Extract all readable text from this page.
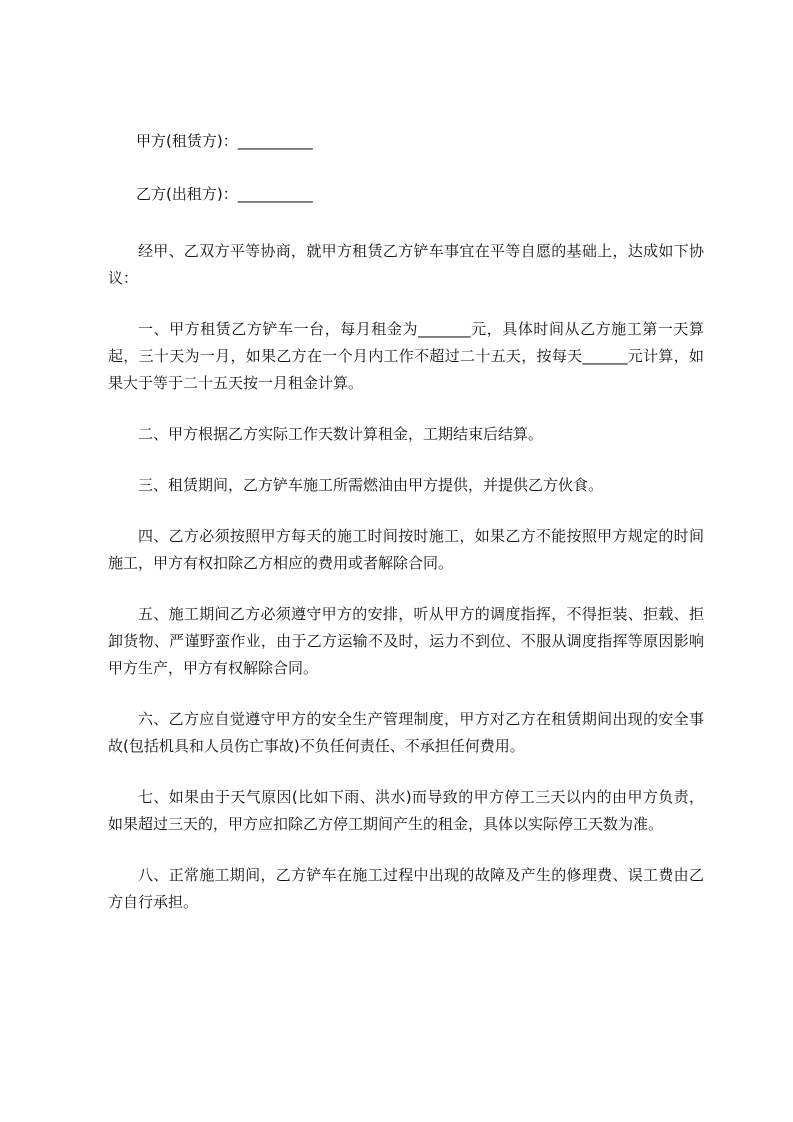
甲方(租赁方)：__________

乙方(出租方)：__________

经甲、乙双方平等协商，就甲方租赁乙方铲车事宜在平等自愿的基础上，达成如下协议：

一、甲方租赁乙方铲车一台，每月租金为_______元，具体时间从乙方施工第一天算起，三十天为一月，如果乙方在一个月内工作不超过二十五天，按每天______元计算，如果大于等于二十五天按一月租金计算。

二、甲方根据乙方实际工作天数计算租金，工期结束后结算。

三、租赁期间，乙方铲车施工所需燃油由甲方提供，并提供乙方伙食。

四、乙方必须按照甲方每天的施工时间按时施工，如果乙方不能按照甲方规定的时间施工，甲方有权扣除乙方相应的费用或者解除合同。

五、施工期间乙方必须遵守甲方的安排，听从甲方的调度指挥，不得拒装、拒载、拒卸货物、严谨野蛮作业，由于乙方运输不及时，运力不到位、不服从调度指挥等原因影响甲方生产，甲方有权解除合同。

六、乙方应自觉遵守甲方的安全生产管理制度，甲方对乙方在租赁期间出现的安全事故(包括机具和人员伤亡事故)不负任何责任、不承担任何费用。

七、如果由于天气原因(比如下雨、洪水)而导致的甲方停工三天以内的由甲方负责，如果超过三天的，甲方应扣除乙方停工期间产生的租金，具体以实际停工天数为准。

八、正常施工期间，乙方铲车在施工过程中出现的故障及产生的修理费、误工费由乙方自行承担。
